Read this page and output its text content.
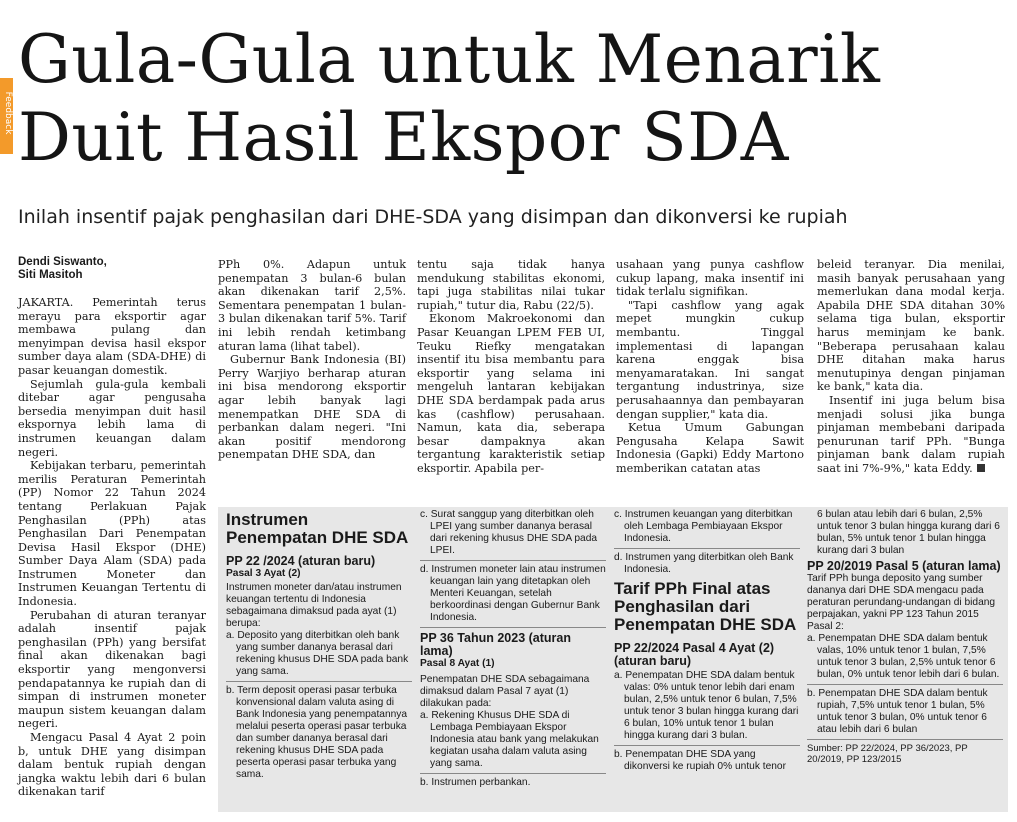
Feedback
Gula-Gula untuk Menarik
Duit Hasil Ekspor SDA
Inilah insentif pajak penghasilan dari DHE-SDA yang disimpan dan dikonversi ke rupiah
Dendi Siswanto,
Siti Masitoh

JAKARTA. Pemerintah terus merayu para eksportir agar membawa pulang dan menyimpan devisa hasil ekspor sumber daya alam (SDA-DHE) di pasar keuangan domestik.

Sejumlah gula-gula kembali ditebar agar pengusaha bersedia menyimpan duit hasil ekspornya lebih lama di instrumen keuangan dalam negeri.

Kebijakan terbaru, pemerintah merilis Peraturan Pemerintah (PP) Nomor 22 Tahun 2024 tentang Perlakuan Pajak Penghasilan (PPh) atas Penghasilan Dari Penempatan Devisa Hasil Ekspor (DHE) Sumber Daya Alam (SDA) pada Instrumen Moneter dan Instrumen Keuangan Tertentu di Indonesia.

Perubahan di aturan teranyar adalah insentif pajak penghasilan (PPh) yang bersifat final akan dikenakan bagi eksportir yang mengonversi pendapatannya ke rupiah dan di simpan di instrumen moneter maupun sistem keuangan dalam negeri.

Mengacu Pasal 4 Ayat 2 poin b, untuk DHE yang disimpan dalam bentuk rupiah dengan jangka waktu lebih dari 6 bulan dikenakan tarif

PPh 0%. Adapun untuk penempatan 3 bulan-6 bulan akan dikenakan tarif 2,5%. Sementara penempatan 1 bulan-3 bulan dikenakan tarif 5%. Tarif ini lebih rendah ketimbang aturan lama (lihat tabel).

Gubernur Bank Indonesia (BI) Perry Warjiyo berharap aturan ini bisa mendorong eksportir agar lebih banyak lagi menempatkan DHE SDA di perbankan dalam negeri. "Ini akan positif mendorong penempatan DHE SDA, dan

tentu saja tidak hanya mendukung stabilitas ekonomi, tapi juga stabilitas nilai tukar rupiah," tutur dia, Rabu (22/5).

Ekonom Makroekonomi dan Pasar Keuangan LPEM FEB UI, Teuku Riefky mengatakan insentif itu bisa membantu para eksportir yang selama ini mengeluh lantaran kebijakan DHE SDA berdampak pada arus kas (cashflow) perusahaan. Namun, kata dia, seberapa besar dampaknya akan tergantung karakteristik setiap eksportir. Apabila per-

usahaan yang punya cashflow cukup lapang, maka insentif ini tidak terlalu signifikan.

"Tapi cashflow yang agak mepet mungkin cukup membantu. Tinggal implementasi di lapangan karena enggak bisa menyamaratakan. Ini sangat tergantung industrinya, size perusahaannya dan pembayaran dengan supplier," kata dia.

Ketua Umum Gabungan Pengusaha Kelapa Sawit Indonesia (Gapki) Eddy Martono memberikan catatan atas

beleid teranyar. Dia menilai, masih banyak perusahaan yang memerlukan dana modal kerja. Apabila DHE SDA ditahan 30% selama tiga bulan, eksportir harus meminjam ke bank. "Beberapa perusahaan kalau DHE ditahan maka harus menutupinya dengan pinjaman ke bank," kata dia.

Insentif ini juga belum bisa menjadi solusi jika bunga pinjaman membebani daripada penurunan tarif PPh. "Bunga pinjaman bank dalam rupiah saat ini 7%-9%," kata Eddy.

Instrumen Penempatan DHE SDA

PP 22 /2024 (aturan baru)

Pasal 3 Ayat (2)

Instrumen moneter dan/atau instrumen keuangan tertentu di Indonesia sebagaimana dimaksud pada ayat (1) berupa:

a. Deposito yang diterbitkan oleh bank yang sumber dananya berasal dari rekening khusus DHE SDA pada bank yang sama.

b. Term deposit operasi pasar terbuka konvensional dalam valuta asing di Bank Indonesia yang penempatannya melalui peserta operasi pasar terbuka dan sumber dananya berasal dari rekening khusus DHE SDA pada peserta operasi pasar terbuka yang sama.

c. Surat sanggup yang diterbitkan oleh LPEI yang sumber dananya berasal dari rekening khusus DHE SDA pada LPEI.

d. Instrumen moneter lain atau instrumen keuangan lain yang ditetapkan oleh Menteri Keuangan, setelah berkoordinasi dengan Gubernur Bank Indonesia.

PP 36 Tahun 2023 (aturan lama)

Pasal 8 Ayat (1)

Penempatan DHE SDA sebagaimana dimaksud dalam Pasal 7 ayat (1) dilakukan pada:

a. Rekening Khusus DHE SDA di Lembaga Pembiayaan Ekspor Indonesia atau bank yang melakukan kegiatan usaha dalam valuta asing yang sama.

b. Instrumen perbankan.

c. Instrumen keuangan yang diterbitkan oleh Lembaga Pembiayaan Ekspor Indonesia.

d. Instrumen yang diterbitkan oleh Bank Indonesia.

Tarif PPh Final atas Penghasilan dari Penempatan DHE SDA

PP 22/2024 Pasal 4 Ayat (2) (aturan baru)

a. Penempatan DHE SDA dalam bentuk valas: 0% untuk tenor lebih dari enam bulan, 2,5% untuk tenor 6 bulan, 7,5% untuk tenor 3 bulan hingga kurang dari 6 bulan, 10% untuk tenor 1 bulan hingga kurang dari 3 bulan.

b. Penempatan DHE SDA yang dikonversi ke rupiah 0% untuk tenor

6 bulan atau lebih dari 6 bulan, 2,5% untuk tenor 3 bulan hingga kurang dari 6 bulan, 5% untuk tenor 1 bulan hingga kurang dari 3 bulan

PP 20/2019 Pasal 5 (aturan lama)

Tarif PPh bunga deposito yang sumber dananya dari DHE SDA mengacu pada peraturan perundang-undangan di bidang perpajakan, yakni PP 123 Tahun 2015 Pasal 2:

a. Penempatan DHE SDA dalam bentuk valas, 10% untuk tenor 1 bulan, 7,5% untuk tenor 3 bulan, 2,5% untuk tenor 6 bulan, 0% untuk tenor lebih dari 6 bulan.

b. Penempatan DHE SDA dalam bentuk rupiah, 7,5% untuk tenor 1 bulan, 5% untuk tenor 3 bulan, 0% untuk tenor 6 atau lebih dari 6 bulan

Sumber: PP 22/2024, PP 36/2023, PP 20/2019, PP 123/2015
